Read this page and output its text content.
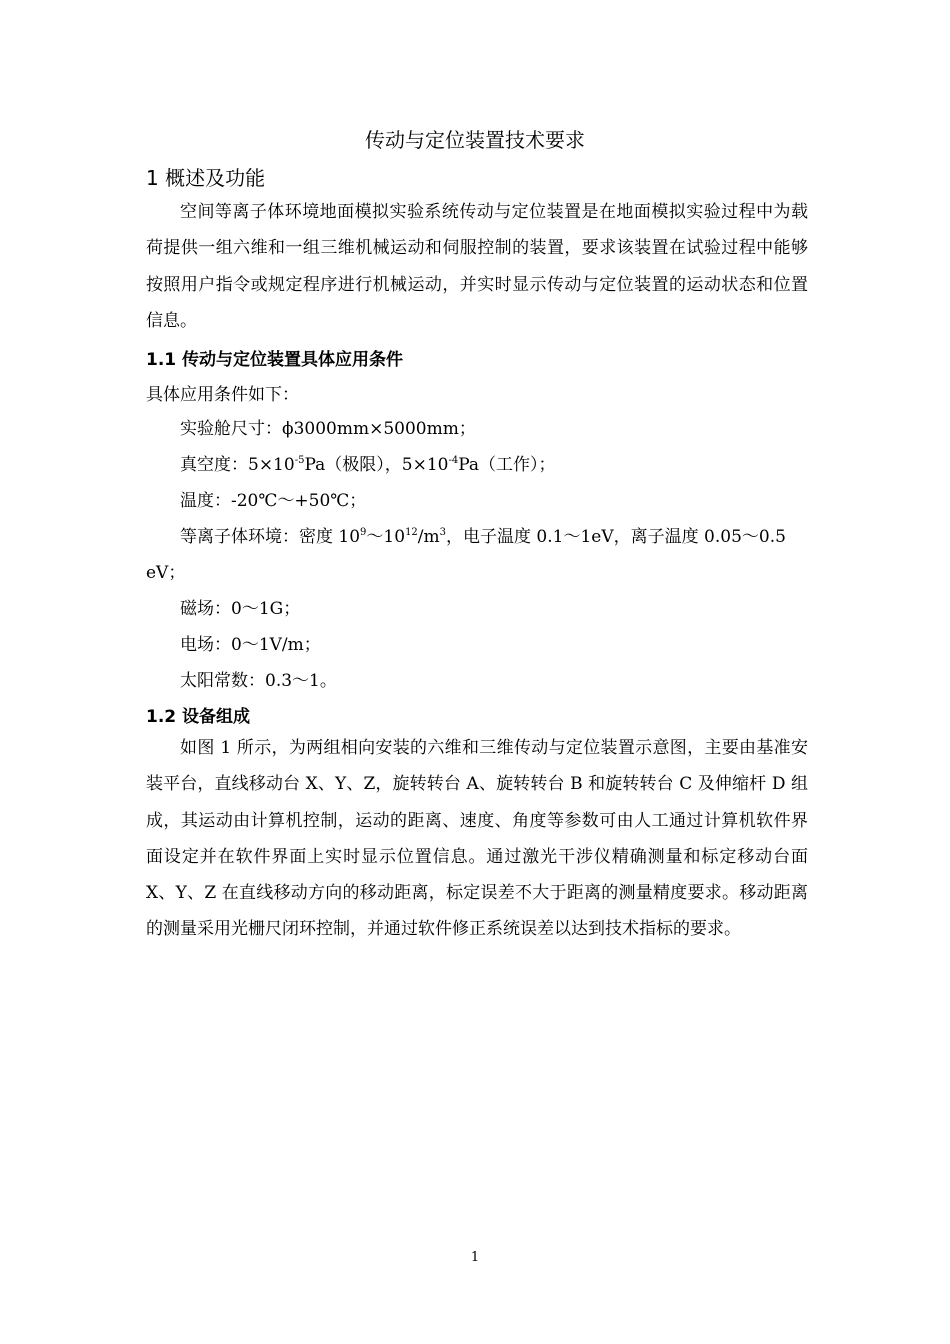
传动与定位装置技术要求
1 概述及功能
空间等离子体环境地面模拟实验系统传动与定位装置是在地面模拟实验过程中为载荷提供一组六维和一组三维机械运动和伺服控制的装置，要求该装置在试验过程中能够按照用户指令或规定程序进行机械运动，并实时显示传动与定位装置的运动状态和位置信息。
1.1 传动与定位装置具体应用条件
具体应用条件如下：
实验舱尺寸：ϕ3000mm×5000mm；
真空度：$5\times 10^{-5}Pa$（极限），$5\times 10^{-4}Pa$（工作）；
温度：-20℃～+50℃；
等离子体环境：密度 $10^9\sim 10^{12}/m^3$，电子温度 0.1～1eV，离子温度 0.05～0.5
eV；
磁场：0～1G；
电场：0～1V/m；
太阳常数：0.3～1。
1.2 设备组成
如图 1 所示，为两组相向安装的六维和三维传动与定位装置示意图，主要由基准安装平台，直线移动台 X、Y、Z，旋转转台 A、旋转转台 B 和旋转转台 C 及伸缩杆 D 组成，其运动由计算机控制，运动的距离、速度、角度等参数可由人工通过计算机软件界面设定并在软件界面上实时显示位置信息。通过激光干涉仪精确测量和标定移动台面 X、Y、Z 在直线移动方向的移动距离，标定误差不大于距离的测量精度要求。移动距离的测量采用光栅尺闭环控制，并通过软件修正系统误差以达到技术指标的要求。
1
